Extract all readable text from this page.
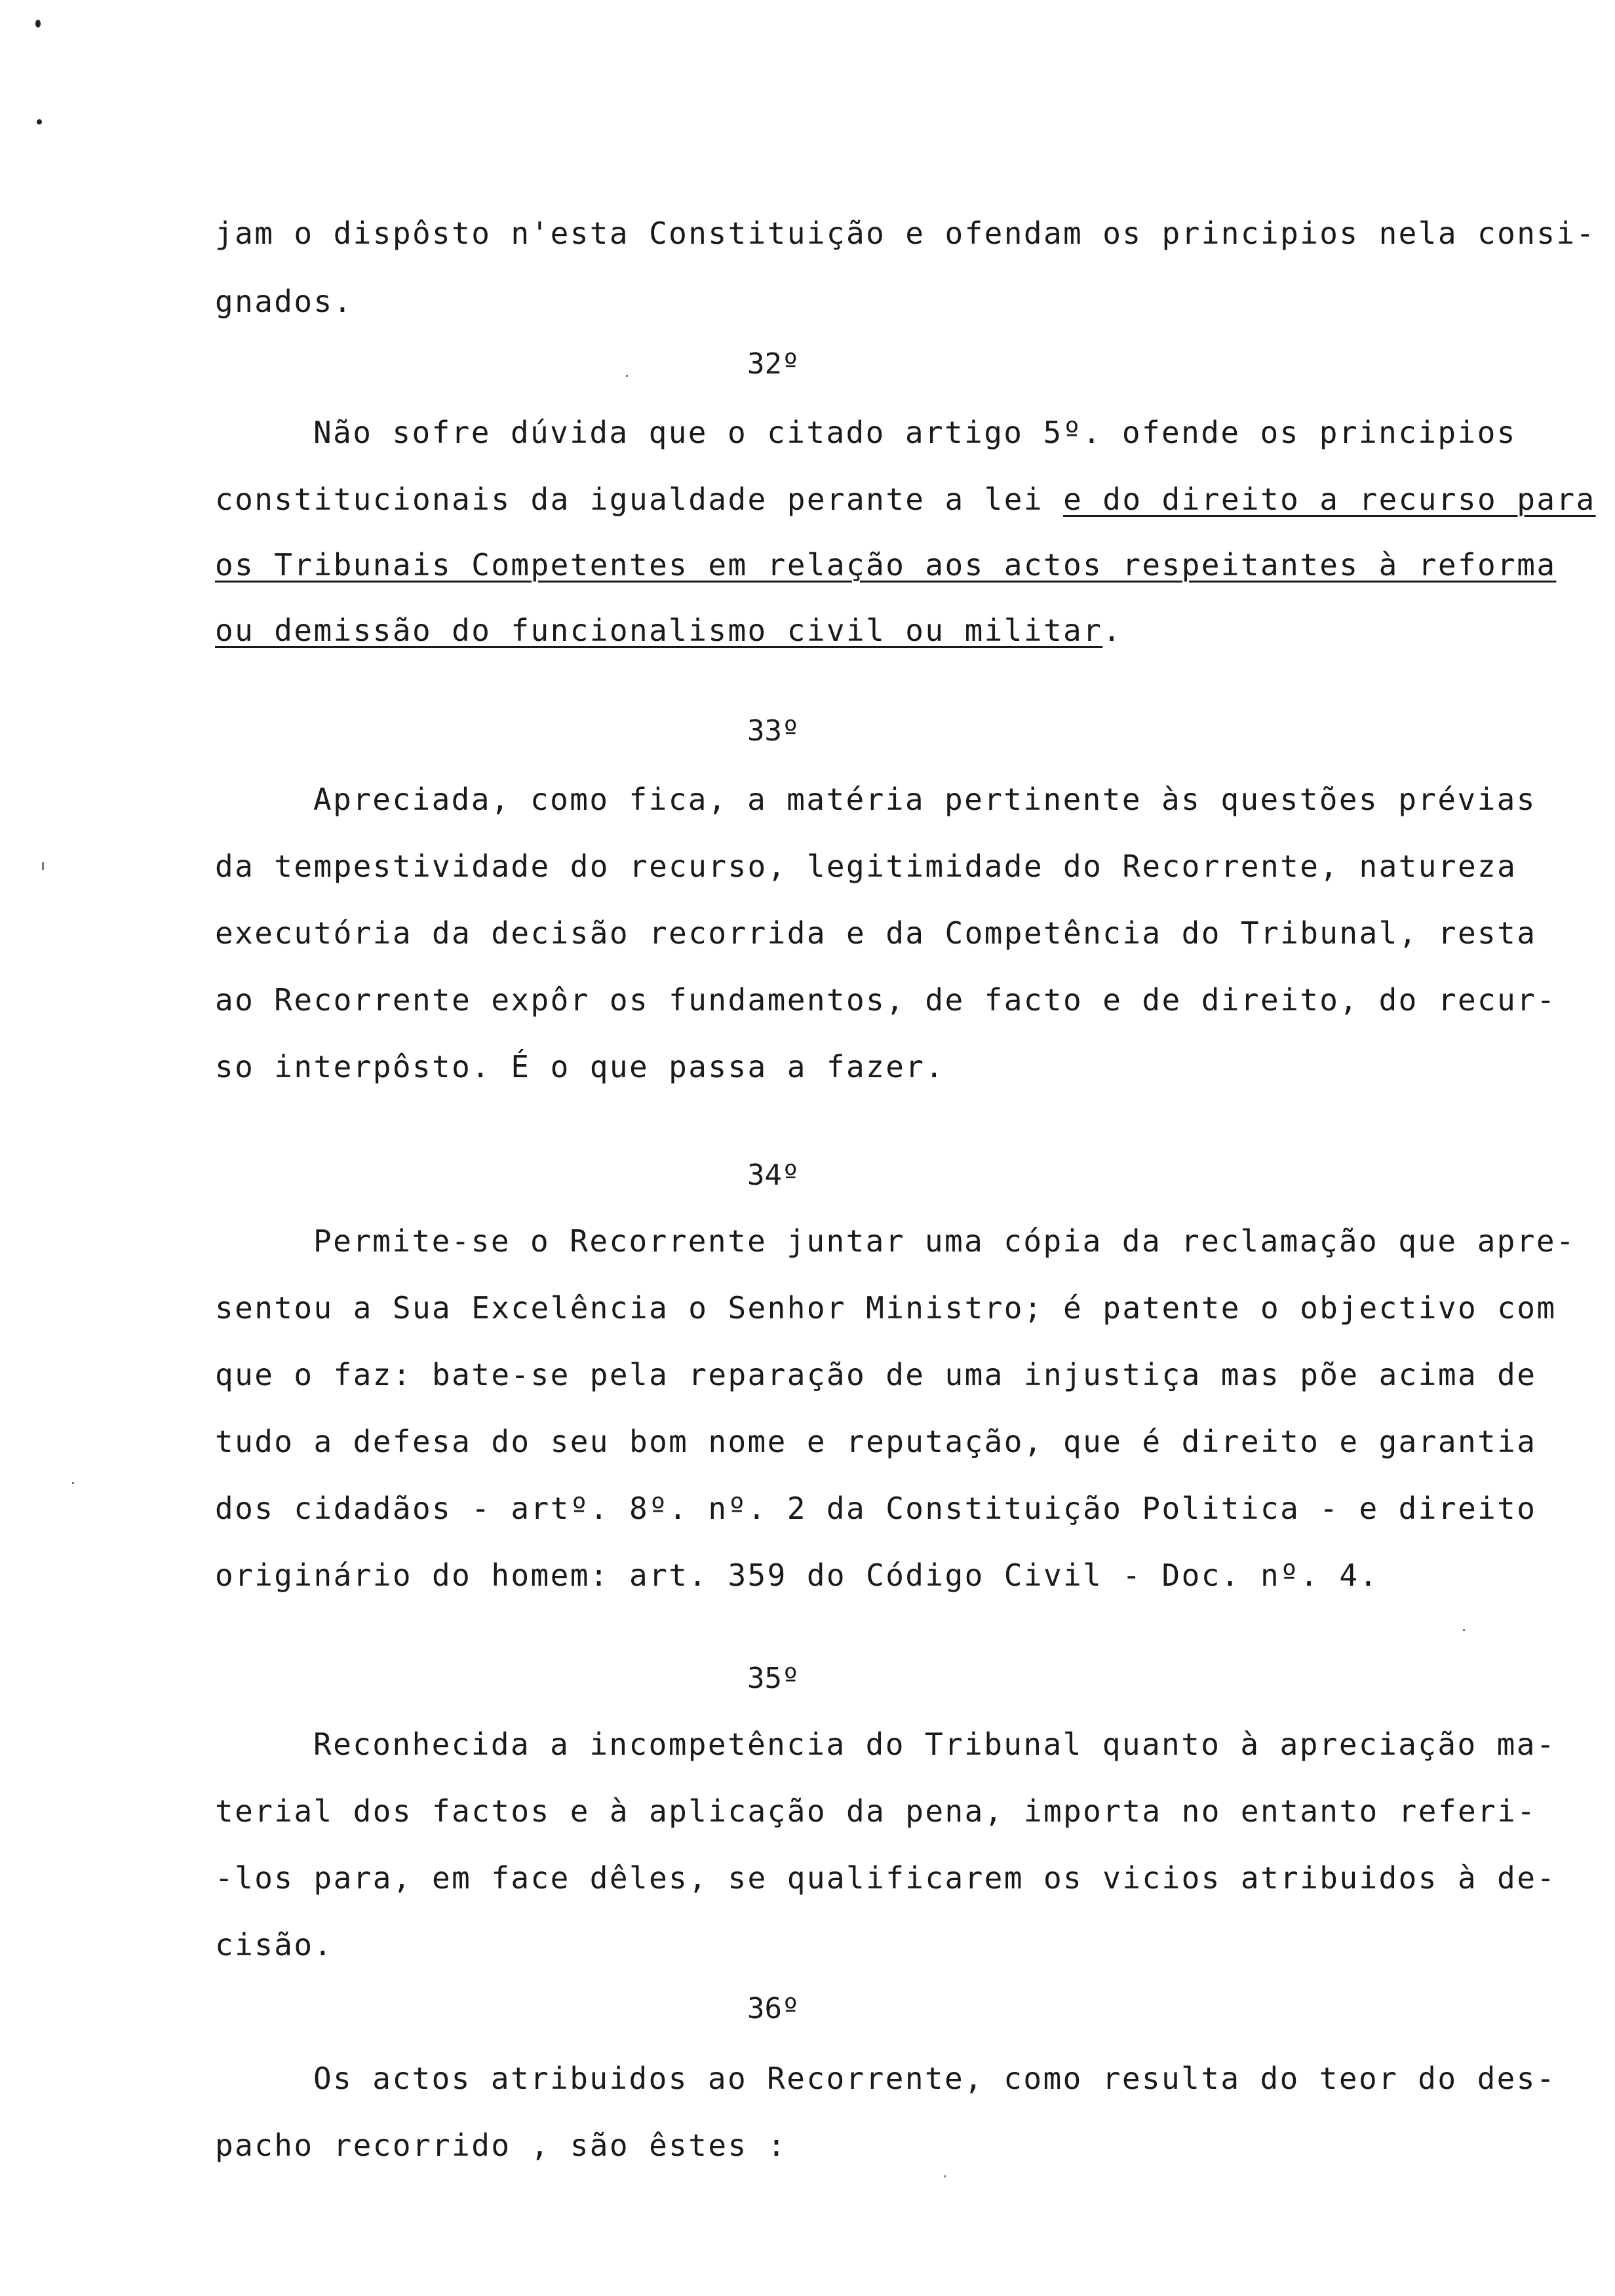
jam o dispôsto n'esta Constituição e ofendam os principios nela consi-
gnados.
32º
Não sofre dúvida que o citado artigo 5º. ofende os principios
constitucionais da igualdade perante a lei e do direito a recurso para
os Tribunais Competentes em relação aos actos respeitantes à reforma
ou demissão do funcionalismo civil ou militar.
33º
Apreciada, como fica, a matéria pertinente às questões prévias
da tempestividade do recurso, legitimidade do Recorrente, natureza
executória da decisão recorrida e da Competência do Tribunal, resta
ao Recorrente expôr os fundamentos, de facto e de direito, do recur-
so interpôsto. É o que passa a fazer.
34º
Permite-se o Recorrente juntar uma cópia da reclamação que apre-
sentou a Sua Excelência o Senhor Ministro; é patente o objectivo com
que o faz: bate-se pela reparação de uma injustiça mas põe acima de
tudo a defesa do seu bom nome e reputação, que é direito e garantia
dos cidadãos - artº. 8º. nº. 2 da Constituição Politica - e direito
originário do homem: art. 359 do Código Civil - Doc. nº. 4.
35º
Reconhecida a incompetência do Tribunal quanto à apreciação ma-
terial dos factos e à aplicação da pena, importa no entanto referi-
-los para, em face dêles, se qualificarem os vicios atribuidos à de-
cisão.
36º
Os actos atribuidos ao Recorrente, como resulta do teor do des-
pacho recorrido , são êstes :
